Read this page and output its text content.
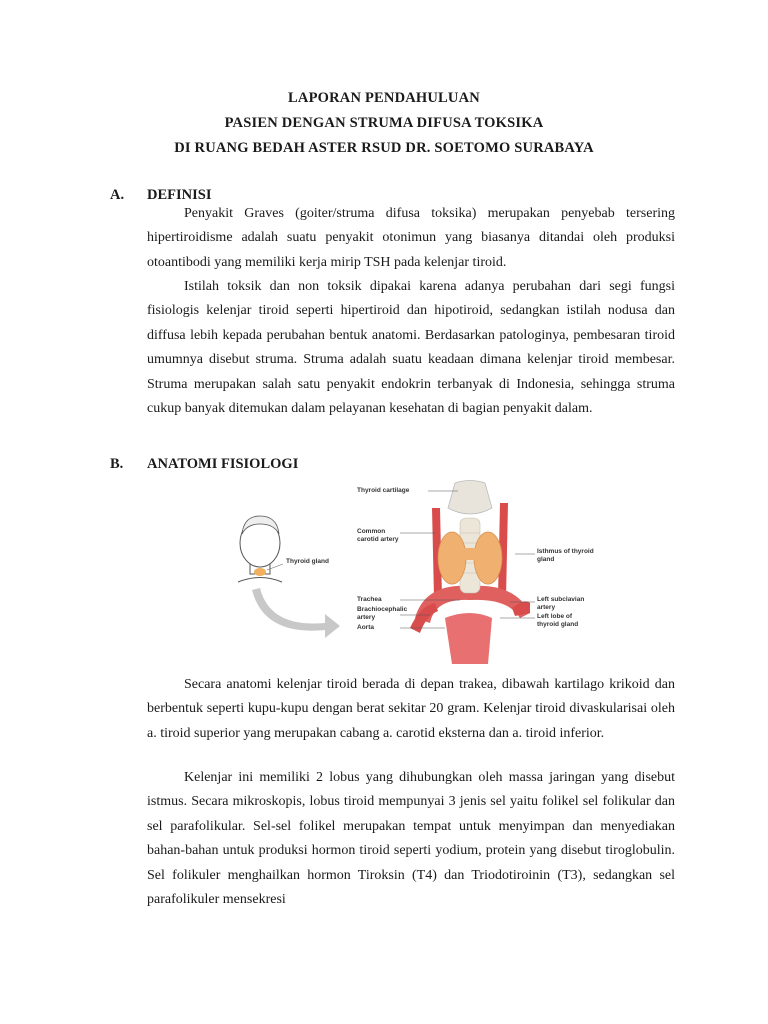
LAPORAN PENDAHULUAN
PASIEN DENGAN STRUMA DIFUSA TOKSIKA
DI RUANG BEDAH ASTER RSUD DR. SOETOMO SURABAYA
A. DEFINISI

Penyakit Graves (goiter/struma difusa toksika) merupakan penyebab tersering hipertiroidisme adalah suatu penyakit otonimun yang biasanya ditandai oleh produksi otoantibodi yang memiliki kerja mirip TSH pada kelenjar tiroid.

Istilah toksik dan non toksik dipakai karena adanya perubahan dari segi fungsi fisiologis kelenjar tiroid seperti hipertiroid dan hipotiroid, sedangkan istilah nodusa dan diffusa lebih kepada perubahan bentuk anatomi. Berdasarkan patologinya, pembesaran tiroid umumnya disebut struma. Struma adalah suatu keadaan dimana kelenjar tiroid membesar. Struma merupakan salah satu penyakit endokrin terbanyak di Indonesia, sehingga struma cukup banyak ditemukan dalam pelayanan kesehatan di bagian penyakit dalam.

B. ANATOMI FISIOLOGI
Thyroid gland
Thyroid cartilage
Common carotid artery
Isthmus of thyroid gland
Trachea
Brachiocephalic artery
Aorta
Left subclavian artery
Left lobe of thyroid gland

Secara anatomi kelenjar tiroid berada di depan trakea, dibawah kartilago krikoid dan berbentuk seperti kupu-kupu dengan berat sekitar 20 gram. Kelenjar tiroid divaskularisai oleh a. tiroid superior yang merupakan cabang a. carotid eksterna dan a. tiroid inferior.

Kelenjar ini memiliki 2 lobus yang dihubungkan oleh massa jaringan yang disebut istmus. Secara mikroskopis, lobus tiroid mempunyai 3 jenis sel yaitu folikel sel folikular dan sel parafolikular. Sel-sel folikel merupakan tempat untuk menyimpan dan menyediakan bahan-bahan untuk produksi hormon tiroid seperti yodium, protein yang disebut tiroglobulin. Sel folikuler menghailkan hormon Tiroksin (T4) dan Triodotiroinin (T3), sedangkan sel parafolikuler mensekresi
